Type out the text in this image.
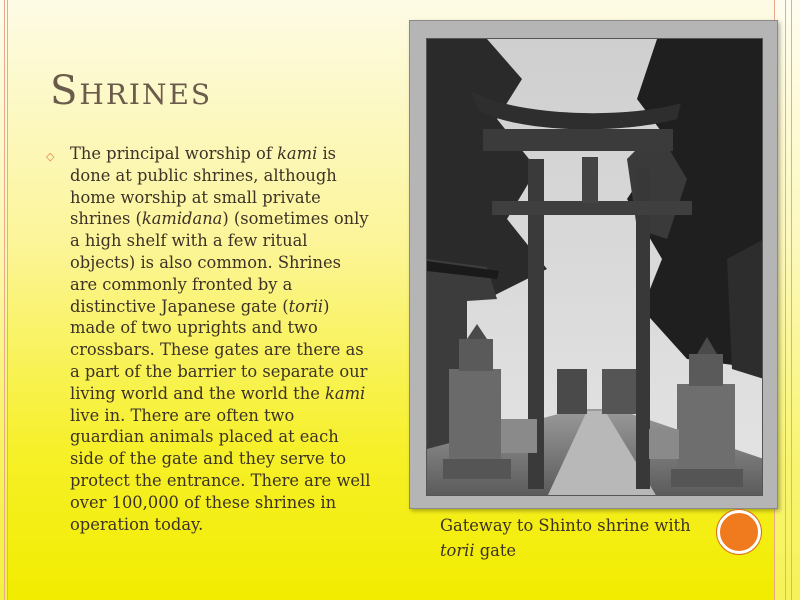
Shrines
◇ The principal worship of kami is
done at public shrines, although
home worship at small private
shrines (kamidana) (sometimes only
a high shelf with a few ritual
objects) is also common. Shrines
are commonly fronted by a
distinctive Japanese gate (torii)
made of two uprights and two
crossbars. These gates are there as
a part of the barrier to separate our
living world and the world the kami
live in. There are often two
guardian animals placed at each
side of the gate and they serve to
protect the entrance. There are well
over 100,000 of these shrines in
operation today.	Gateway to Shinto shrine with
torii gate
